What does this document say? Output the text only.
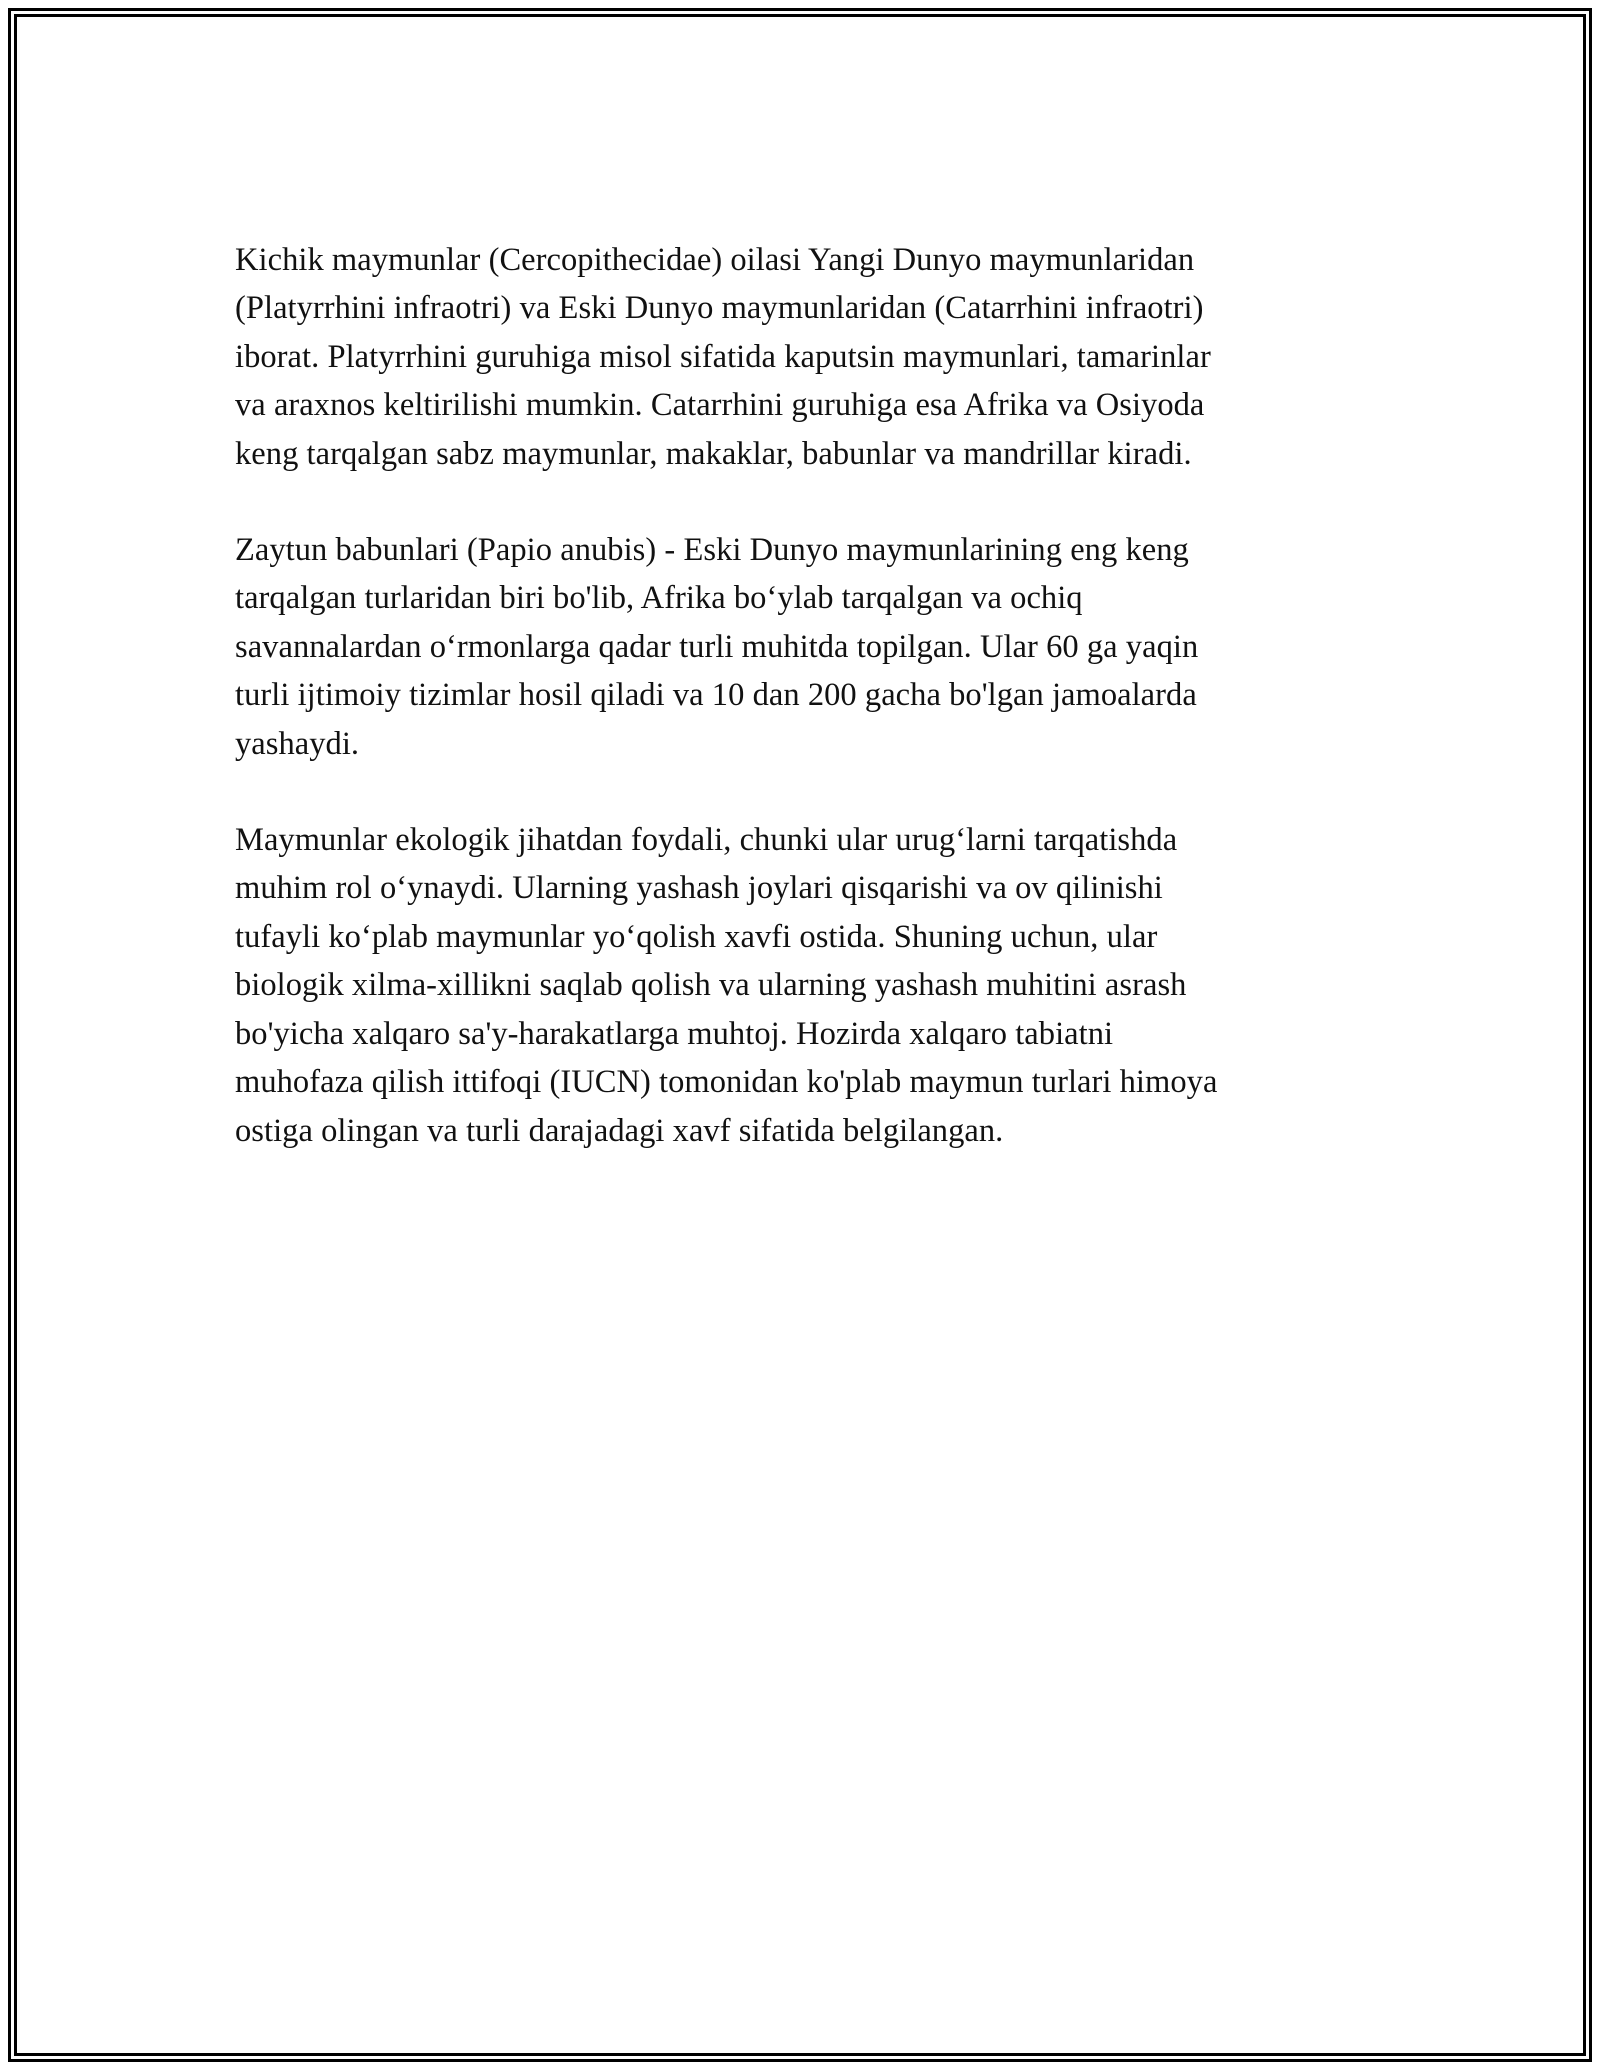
Kichik maymunlar (Cercopithecidae) oilasi Yangi Dunyo maymunlaridan
(Platyrrhini infraotri) va Eski Dunyo maymunlaridan (Catarrhini infraotri)
iborat. Platyrrhini guruhiga misol sifatida kaputsin maymunlari, tamarinlar
va araxnos keltirilishi mumkin. Catarrhini guruhiga esa Afrika va Osiyoda
keng tarqalgan sabz maymunlar, makaklar, babunlar va mandrillar kiradi.

Zaytun babunlari (Papio anubis) - Eski Dunyo maymunlarining eng keng
tarqalgan turlaridan biri bo'lib, Afrika bo‘ylab tarqalgan va ochiq
savannalardan o‘rmonlarga qadar turli muhitda topilgan. Ular 60 ga yaqin
turli ijtimoiy tizimlar hosil qiladi va 10 dan 200 gacha bo'lgan jamoalarda
yashaydi.

Maymunlar ekologik jihatdan foydali, chunki ular urug‘larni tarqatishda
muhim rol o‘ynaydi. Ularning yashash joylari qisqarishi va ov qilinishi
tufayli ko‘plab maymunlar yo‘qolish xavfi ostida. Shuning uchun, ular
biologik xilma-xillikni saqlab qolish va ularning yashash muhitini asrash
bo'yicha xalqaro sa'y-harakatlarga muhtoj. Hozirda xalqaro tabiatni
muhofaza qilish ittifoqi (IUCN) tomonidan ko'plab maymun turlari himoya
ostiga olingan va turli darajadagi xavf sifatida belgilangan.
